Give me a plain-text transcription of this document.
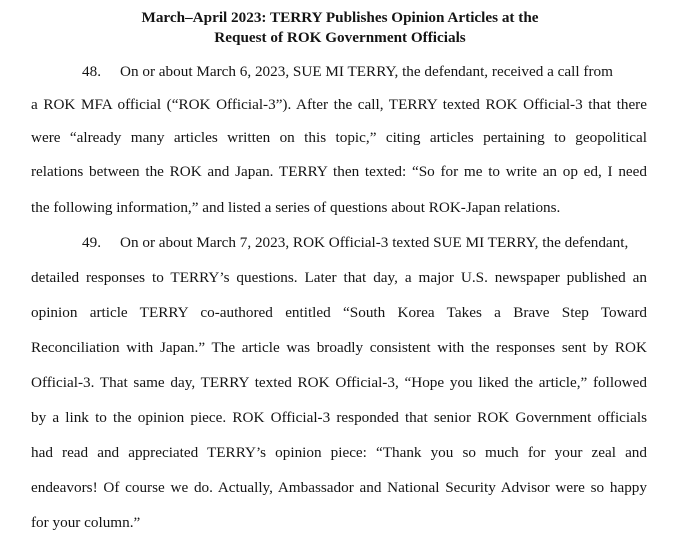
March–April 2023: TERRY Publishes Opinion Articles at the
Request of ROK Government Officials
48. On or about March 6, 2023, SUE MI TERRY, the defendant, received a call from
a ROK MFA official (“ROK Official-3”). After the call, TERRY texted ROK Official-3 that there
were “already many articles written on this topic,” citing articles pertaining to geopolitical
relations between the ROK and Japan. TERRY then texted: “So for me to write an op ed, I need
the following information,” and listed a series of questions about ROK-Japan relations.
49. On or about March 7, 2023, ROK Official-3 texted SUE MI TERRY, the defendant,
detailed responses to TERRY’s questions. Later that day, a major U.S. newspaper published an
opinion article TERRY co-authored entitled “South Korea Takes a Brave Step Toward
Reconciliation with Japan.” The article was broadly consistent with the responses sent by ROK
Official-3. That same day, TERRY texted ROK Official-3, “Hope you liked the article,” followed
by a link to the opinion piece. ROK Official-3 responded that senior ROK Government officials
had read and appreciated TERRY’s opinion piece: “Thank you so much for your zeal and
endeavors! Of course we do. Actually, Ambassador and National Security Advisor were so happy
for your column.”
